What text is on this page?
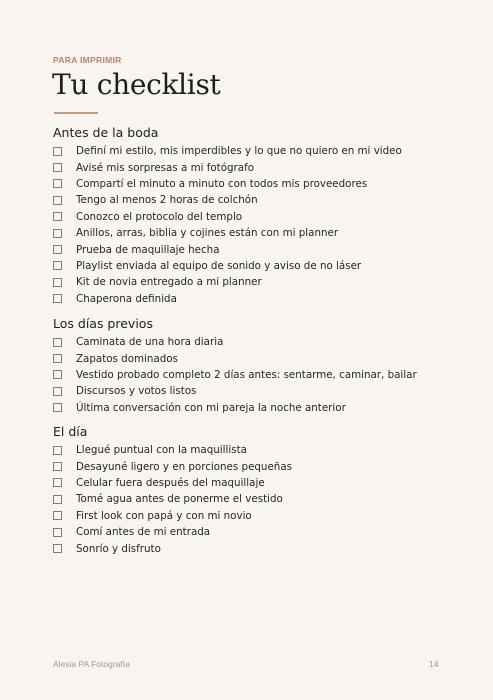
PARA IMPRIMIR
Tu checklist
Antes de la boda
Definí mi estilo, mis imperdibles y lo que no quiero en mi video
Avisé mis sorpresas a mi fotógrafo
Compartí el minuto a minuto con todos mis proveedores
Tengo al menos 2 horas de colchón
Conozco el protocolo del templo
Anillos, arras, biblia y cojines están con mi planner
Prueba de maquillaje hecha
Playlist enviada al equipo de sonido y aviso de no láser
Kit de novia entregado a mi planner
Chaperona definida
Los días previos
Caminata de una hora diaria
Zapatos dominados
Vestido probado completo 2 días antes: sentarme, caminar, bailar
Discursos y votos listos
Última conversación con mi pareja la noche anterior
El día
Llegué puntual con la maquillista
Desayuné ligero y en porciones pequeñas
Celular fuera después del maquillaje
Tomé agua antes de ponerme el vestido
First look con papá y con mi novio
Comí antes de mi entrada
Sonrío y disfruto
Alesia PA Fotografía	14
